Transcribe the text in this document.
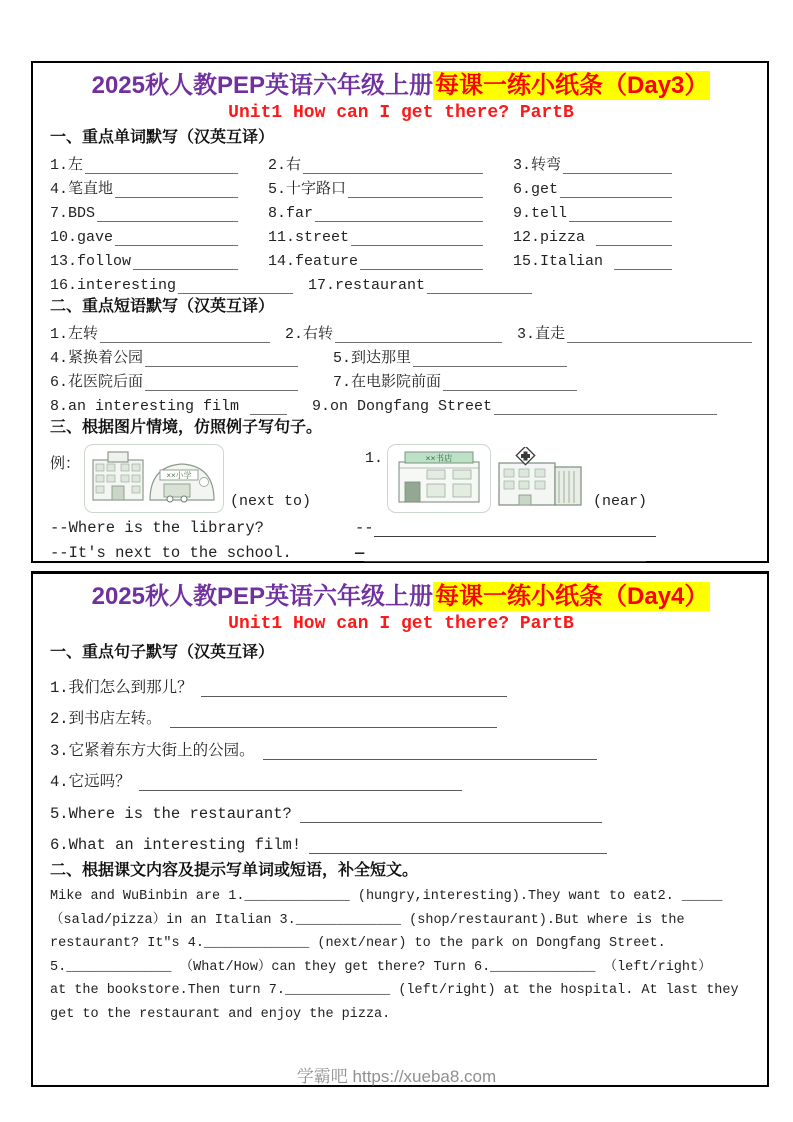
2025秋人教PEP英语六年级上册每课一练小纸条（Day3）
Unit1 How can I get there? PartB
一、重点单词默写（汉英互译）
1.左	2.右	3.转弯
4.笔直地	5.十字路口	6.get
7.BDS	8.far	9.tell
10.gave	11.street	12.pizza
13.follow	14.feature	15.Italian
16.interesting	17.restaurant
二、重点短语默写（汉英互译）
1.左转	2.右转	3.直走
4.紧换着公园	5.到达那里
6.花医院后面	7.在电影院前面
8.an interesting film	9.on Dongfang Street
三、根据图片情境，仿照例子写句子。
例：
××小学
(next to)
1.	××书店
(near)
--Where is the library?	--
--It's next to the school.	—
2025秋人教PEP英语六年级上册每课一练小纸条（Day4）
Unit1 How can I get there? PartB
一、重点句子默写（汉英互译）
1.我们怎么到那儿？
2.到书店左转。
3.它紧着东方大街上的公园。
4.它远吗？
5.Where is the restaurant?
6.What an interesting film!
二、根据课文内容及提示写单词或短语，补全短文。
Mike and WuBinbin are 1._____________ (hungry,interesting).They want to eat2. _____
（salad/pizza）in an Italian 3._____________ (shop/restaurant).But where is the
restaurant? It"s 4._____________ (next/near) to the park on Dongfang Street.
5._____________ （What/How）can they get there? Turn 6._____________ （left/right）
at the bookstore.Then turn 7._____________ (left/right) at the hospital. At last they
get to the restaurant and enjoy the pizza.
学霸吧 https://xueba8.com
